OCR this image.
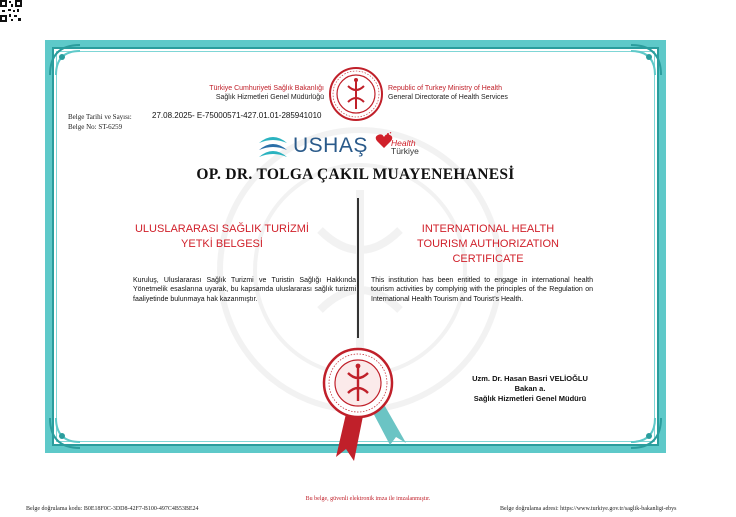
Türkiye Cumhuriyeti Sağlık Bakanlığı
Sağlık Hizmetleri Genel Müdürlüğü
Republic of Turkey Ministry of Health
General Directorate of Health Services
Belge Tarihi ve Sayısı:
Belge No: ST-6259
27.08.2025- E-75000571-427.01.01-285941010
USHAŞ	Health
Türkiye
OP. DR. TOLGA ÇAKIL MUAYENEHANESİ
ULUSLARARASI SAĞLIK TURİZMİ
YETKİ BELGESİ
Kuruluş, Uluslararası Sağlık Turizmi ve Turistin Sağlığı Hakkında Yönetmelik esaslarına uyarak, bu kapsamda uluslararası sağlık turizmi faaliyetinde bulunmaya hak kazanmıştır.
INTERNATIONAL HEALTH
TOURISM AUTHORIZATION
CERTIFICATE
This institution has been entitled to engage in international health tourism activities by complying with the principles of the Regulation on International Health Tourism and Tourist’s Health.
Uzm. Dr. Hasan Basri VELİOĞLU
Bakan a.
Sağlık Hizmetleri Genel Müdürü
Bu belge, güvenli elektronik imza ile imzalanmıştır.
Belge doğrulama kodu: B0E18F0C-3DD8-42F7-B100-497C4B53BE24	Belge doğrulama adresi: https://www.turkiye.gov.tr/saglik-bakanligi-ebys
